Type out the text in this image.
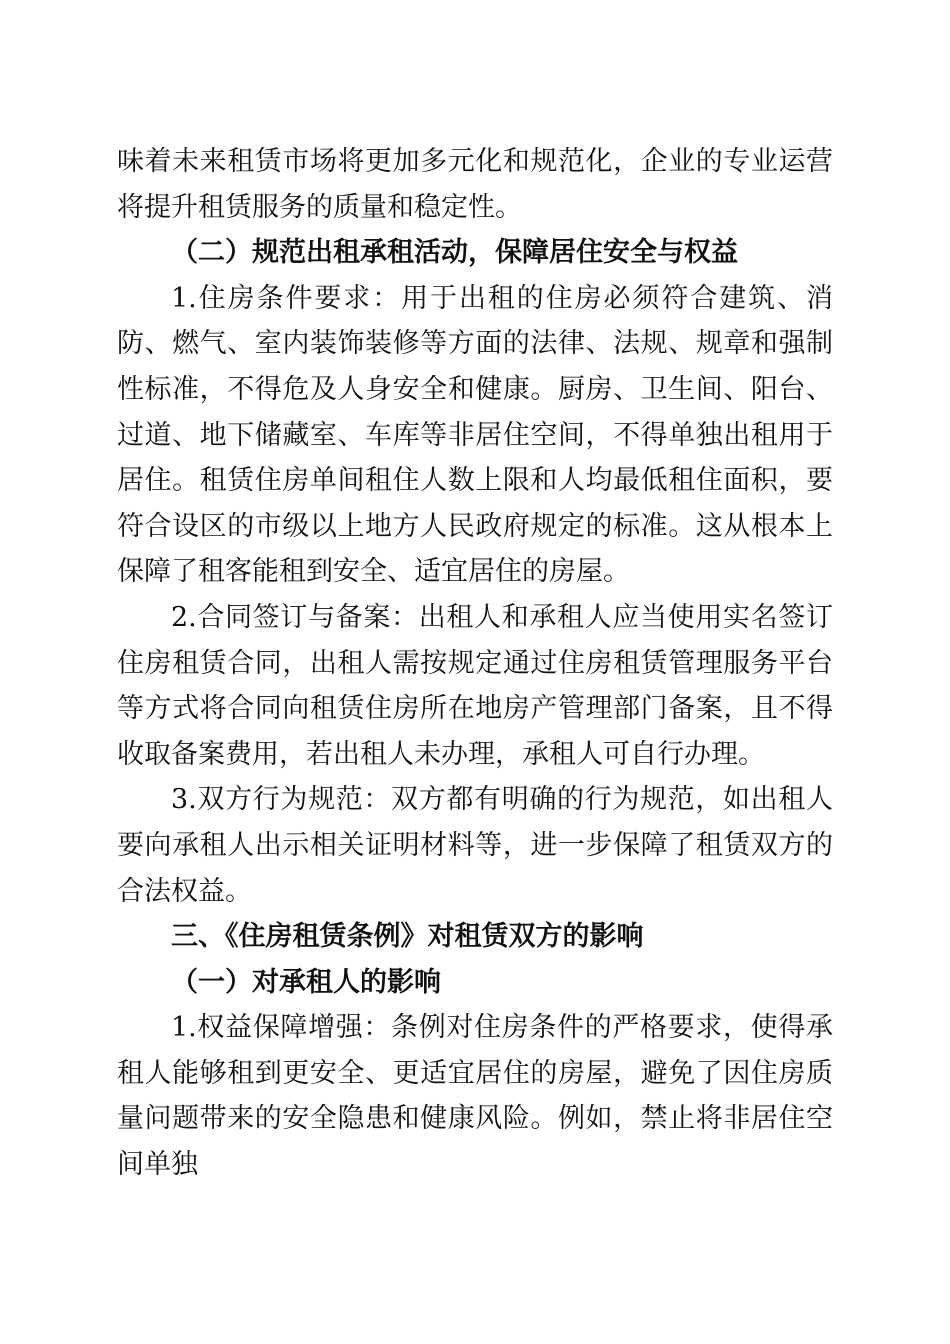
味着未来租赁市场将更加多元化和规范化，企业的专业运营将提升租赁服务的质量和稳定性。

（二）规范出租承租活动，保障居住安全与权益

1.住房条件要求：用于出租的住房必须符合建筑、消防、燃气、室内装饰装修等方面的法律、法规、规章和强制性标准，不得危及人身安全和健康。厨房、卫生间、阳台、过道、地下储藏室、车库等非居住空间，不得单独出租用于居住。租赁住房单间租住人数上限和人均最低租住面积，要符合设区的市级以上地方人民政府规定的标准。这从根本上保障了租客能租到安全、适宜居住的房屋。

2.合同签订与备案：出租人和承租人应当使用实名签订住房租赁合同，出租人需按规定通过住房租赁管理服务平台等方式将合同向租赁住房所在地房产管理部门备案，且不得收取备案费用，若出租人未办理，承租人可自行办理。

3.双方行为规范：双方都有明确的行为规范，如出租人要向承租人出示相关证明材料等，进一步保障了租赁双方的合法权益。

三、《住房租赁条例》对租赁双方的影响

（一）对承租人的影响

1.权益保障增强：条例对住房条件的严格要求，使得承租人能够租到更安全、更适宜居住的房屋，避免了因住房质量问题带来的安全隐患和健康风险。例如，禁止将非居住空间单独
